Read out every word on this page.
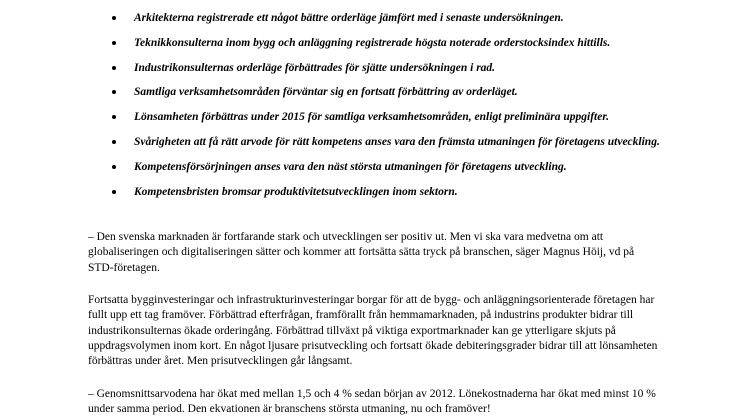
Arkitekterna registrerade ett något bättre orderläge jämfört med i senaste undersökningen.
Teknikkonsulterna inom bygg och anläggning registrerade högsta noterade orderstocksindex hittills.
Industrikonsulternas orderläge förbättrades för sjätte undersökningen i rad.
Samtliga verksamhetsområden förväntar sig en fortsatt förbättring av orderläget.
Lönsamheten förbättras under 2015 för samtliga verksamhetsområden, enligt preliminära uppgifter.
Svårigheten att få rätt arvode för rätt kompetens anses vara den främsta utmaningen för företagens utveckling.
Kompetensförsörjningen anses vara den näst största utmaningen för företagens utveckling.
Kompetensbristen bromsar produktivitetsutvecklingen inom sektorn.

– Den svenska marknaden är fortfarande stark och utvecklingen ser positiv ut. Men vi ska vara medvetna om att globaliseringen och digitaliseringen sätter och kommer att fortsätta sätta tryck på branschen, säger Magnus Höij, vd på STD-företagen.

Fortsatta bygginvesteringar och infrastrukturinvesteringar borgar för att de bygg- och anläggningsorienterade företagen har fullt upp ett tag framöver. Förbättrad efterfrågan, framförallt från hemmamarknaden, på industrins produkter bidrar till industrikonsulternas ökade orderingång. Förbättrad tillväxt på viktiga exportmarknader kan ge ytterligare skjuts på uppdragsvolymen inom kort. En något ljusare prisutveckling och fortsatt ökade debiteringsgrader bidrar till att lönsamheten förbättras under året. Men prisutvecklingen går långsamt.

– Genomsnittsarvodena har ökat med mellan 1,5 och 4 % sedan början av 2012. Lönekostnaderna har ökat med minst 10 % under samma period. Den ekvationen är branschens största utmaning, nu och framöver!
